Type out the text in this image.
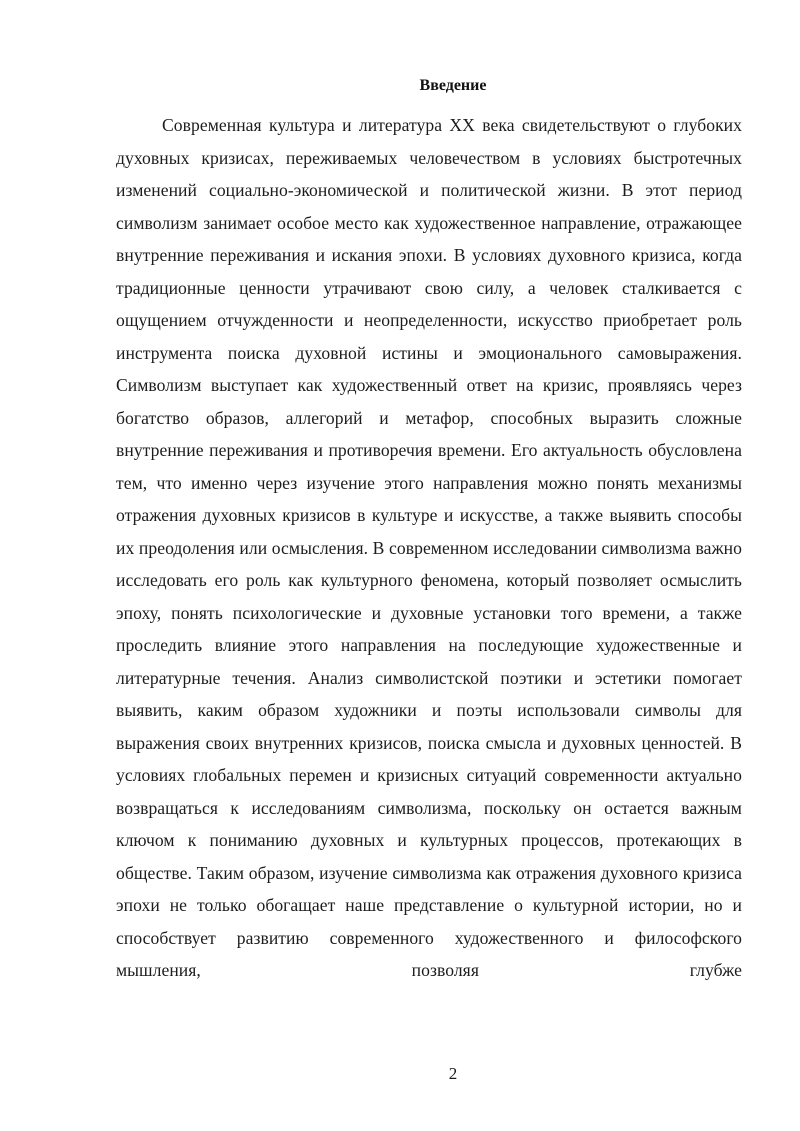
Введение

Современная культура и литература XX века свидетельствуют о глубоких духовных кризисах, переживаемых человечеством в условиях быстротечных изменений социально-экономической и политической жизни. В этот период символизм занимает особое место как художественное направление, отражающее внутренние переживания и искания эпохи. В условиях духовного кризиса, когда традиционные ценности утрачивают свою силу, а человек сталкивается с ощущением отчужденности и неопределенности, искусство приобретает роль инструмента поиска духовной истины и эмоционального самовыражения. Символизм выступает как художественный ответ на кризис, проявляясь через богатство образов, аллегорий и метафор, способных выразить сложные внутренние переживания и противоречия времени. Его актуальность обусловлена тем, что именно через изучение этого направления можно понять механизмы отражения духовных кризисов в культуре и искусстве, а также выявить способы их преодоления или осмысления. В современном исследовании символизма важно исследовать его роль как культурного феномена, который позволяет осмыслить эпоху, понять психологические и духовные установки того времени, а также проследить влияние этого направления на последующие художественные и литературные течения. Анализ символистской поэтики и эстетики помогает выявить, каким образом художники и поэты использовали символы для выражения своих внутренних кризисов, поиска смысла и духовных ценностей. В условиях глобальных перемен и кризисных ситуаций современности актуально возвращаться к исследованиям символизма, поскольку он остается важным ключом к пониманию духовных и культурных процессов, протекающих в обществе. Таким образом, изучение символизма как отражения духовного кризиса эпохи не только обогащает наше представление о культурной истории, но и способствует развитию современного художественного и философского мышления, позволяя глубже

2
